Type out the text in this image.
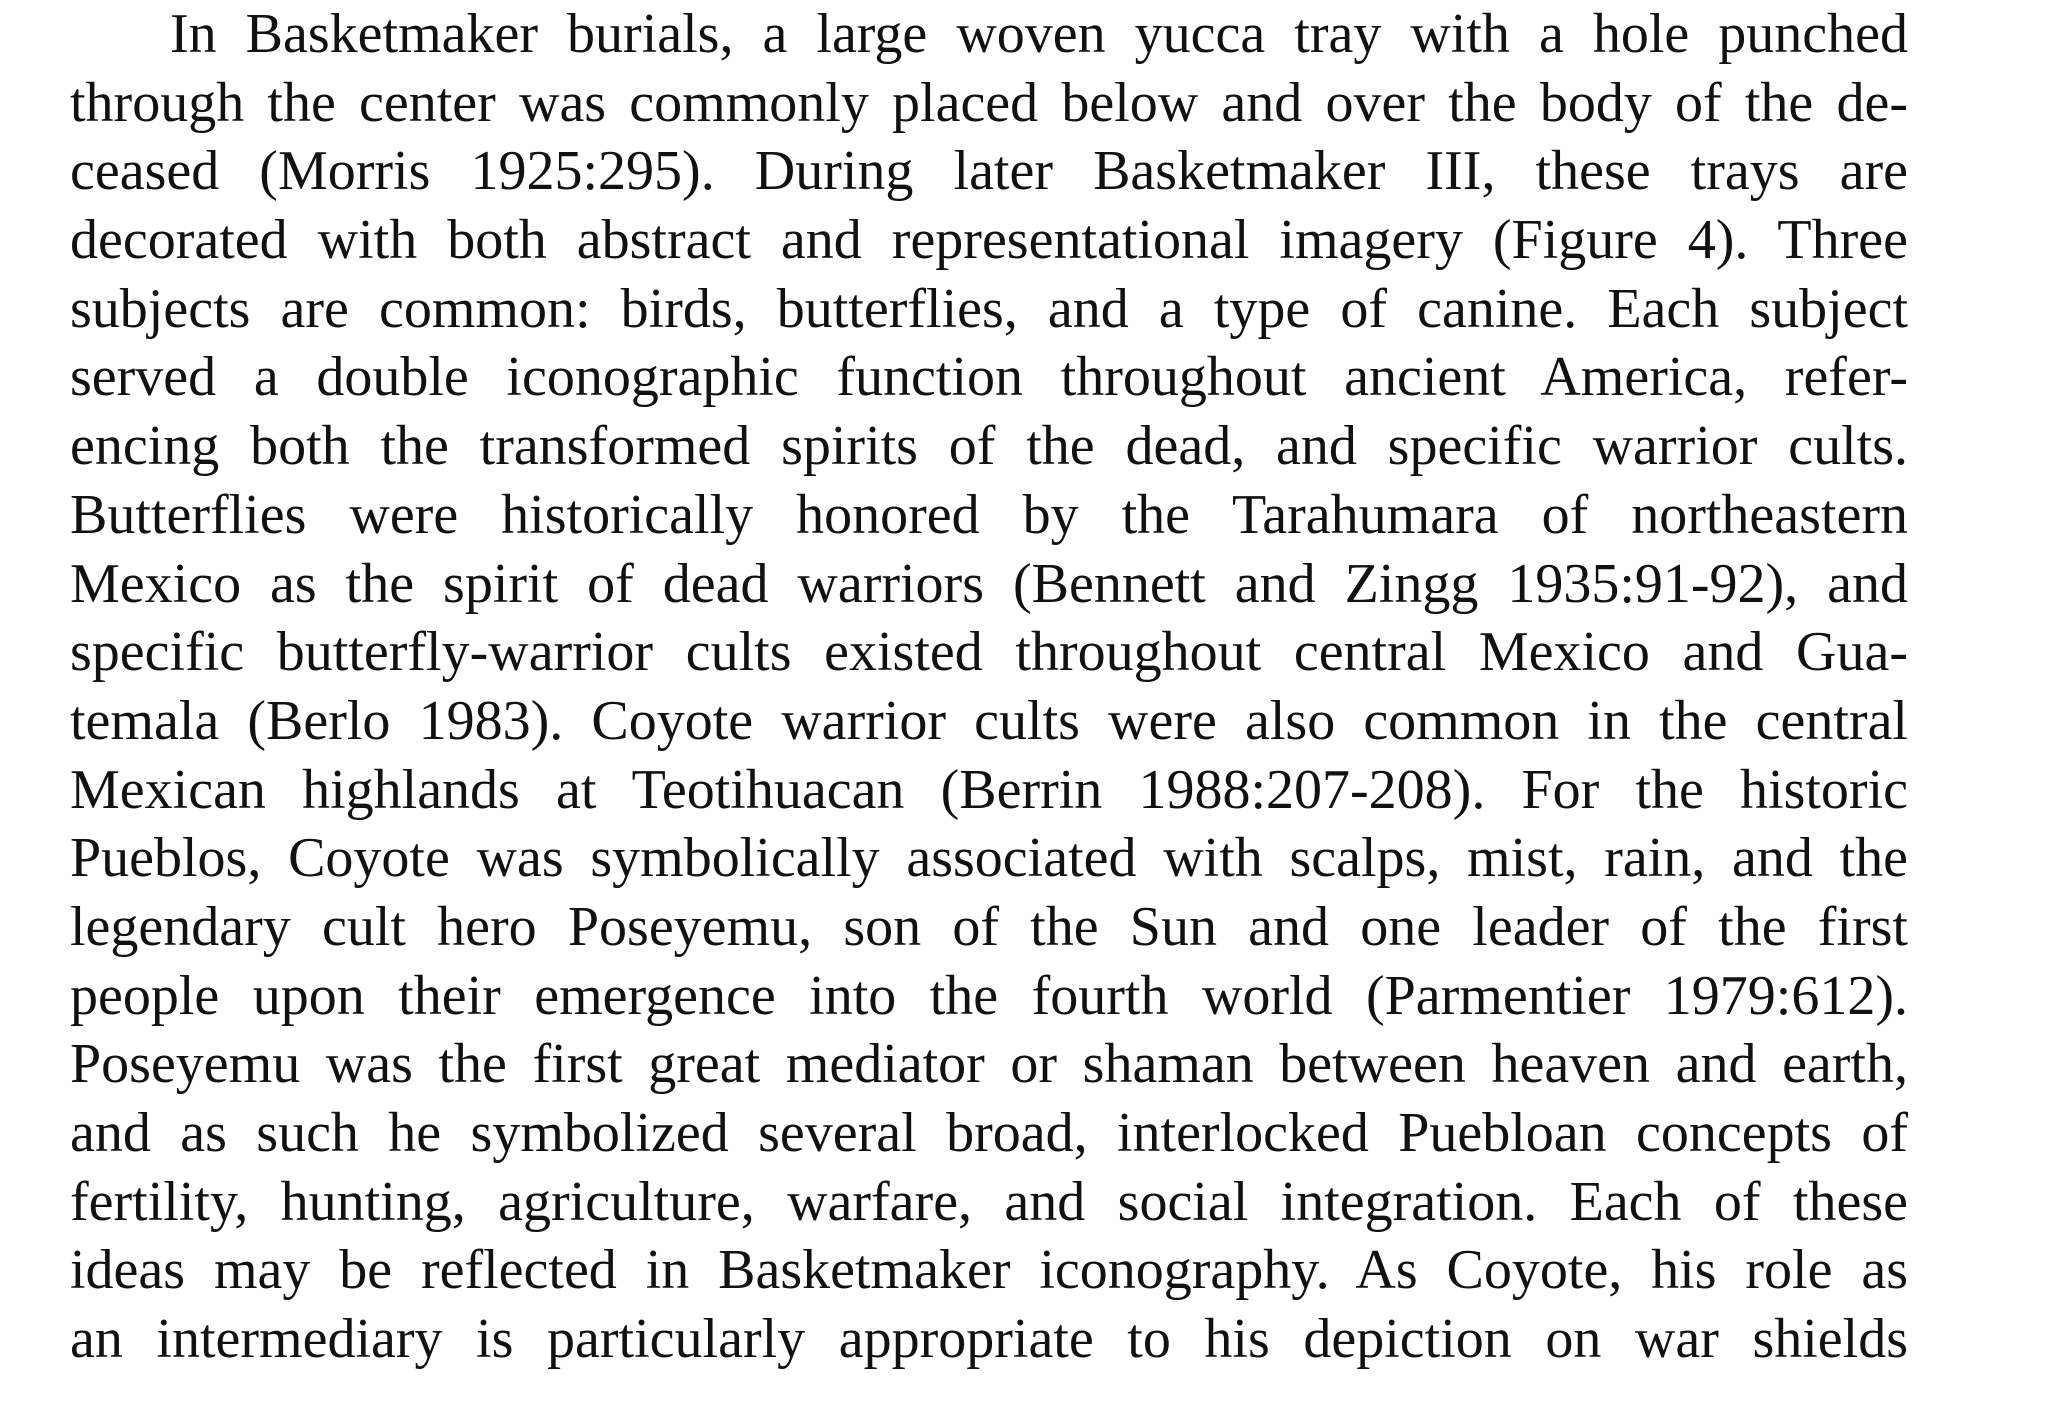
In Basketmaker burials, a large woven yucca tray with a hole punched
through the center was commonly placed below and over the body of the de-
ceased (Morris 1925:295). During later Basketmaker III, these trays are
decorated with both abstract and representational imagery (Figure 4). Three
subjects are common: birds, butterflies, and a type of canine. Each subject
served a double iconographic function throughout ancient America, refer-
encing both the transformed spirits of the dead, and specific warrior cults.
Butterflies were historically honored by the Tarahumara of northeastern
Mexico as the spirit of dead warriors (Bennett and Zingg 1935:91-92), and
specific butterfly-warrior cults existed throughout central Mexico and Gua-
temala (Berlo 1983). Coyote warrior cults were also common in the central
Mexican highlands at Teotihuacan (Berrin 1988:207-208). For the historic
Pueblos, Coyote was symbolically associated with scalps, mist, rain, and the
legendary cult hero Poseyemu, son of the Sun and one leader of the first
people upon their emergence into the fourth world (Parmentier 1979:612).
Poseyemu was the first great mediator or shaman between heaven and earth,
and as such he symbolized several broad, interlocked Puebloan concepts of
fertility, hunting, agriculture, warfare, and social integration. Each of these
ideas may be reflected in Basketmaker iconography. As Coyote, his role as
an intermediary is particularly appropriate to his depiction on war shields
